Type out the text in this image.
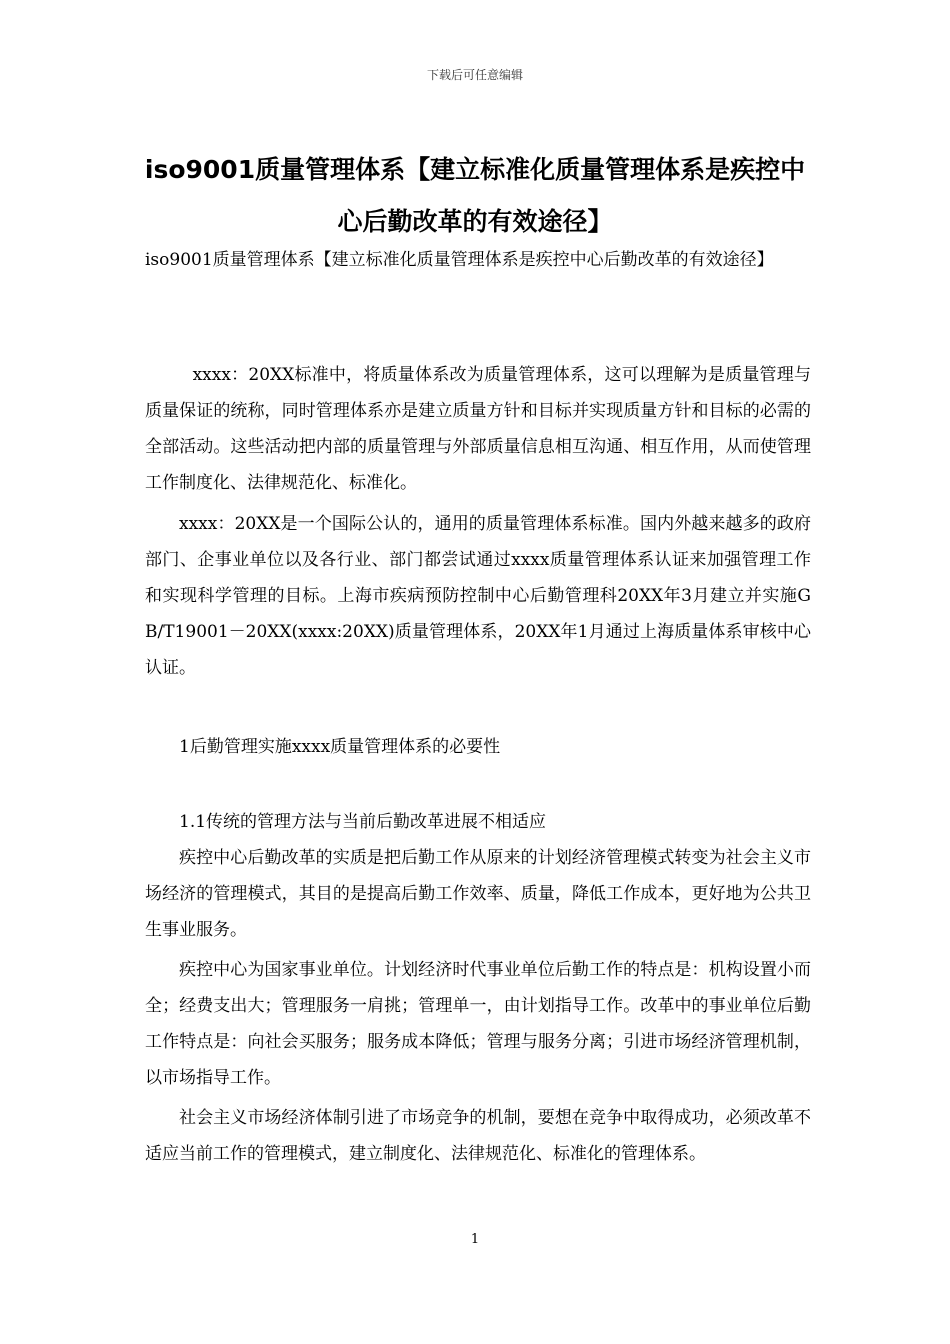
下载后可任意编辑
iso9001质量管理体系【建立标准化质量管理体系是疾控中心后勤改革的有效途径】

iso9001质量管理体系【建立标准化质量管理体系是疾控中心后勤改革的有效途径】

xxxx：20XX标准中，将质量体系改为质量管理体系，这可以理解为是质量管理与质量保证的统称，同时管理体系亦是建立质量方针和目标并实现质量方针和目标的必需的全部活动。这些活动把内部的质量管理与外部质量信息相互沟通、相互作用，从而使管理工作制度化、法律规范化、标准化。

xxxx：20XX是一个国际公认的，通用的质量管理体系标准。国内外越来越多的政府部门、企事业单位以及各行业、部门都尝试通过xxxx质量管理体系认证来加强管理工作和实现科学管理的目标。上海市疾病预防控制中心后勤管理科20XX年3月建立并实施GB/T19001－20XX(xxxx:20XX)质量管理体系，20XX年1月通过上海质量体系审核中心认证。

1后勤管理实施xxxx质量管理体系的必要性

1.1传统的管理方法与当前后勤改革进展不相适应

疾控中心后勤改革的实质是把后勤工作从原来的计划经济管理模式转变为社会主义市场经济的管理模式，其目的是提高后勤工作效率、质量，降低工作成本，更好地为公共卫生事业服务。

疾控中心为国家事业单位。计划经济时代事业单位后勤工作的特点是：机构设置小而全；经费支出大；管理服务一肩挑；管理单一，由计划指导工作。改革中的事业单位后勤工作特点是：向社会买服务；服务成本降低；管理与服务分离；引进市场经济管理机制，以市场指导工作。

社会主义市场经济体制引进了市场竞争的机制，要想在竞争中取得成功，必须改革不适应当前工作的管理模式，建立制度化、法律规范化、标准化的管理体系。

1
